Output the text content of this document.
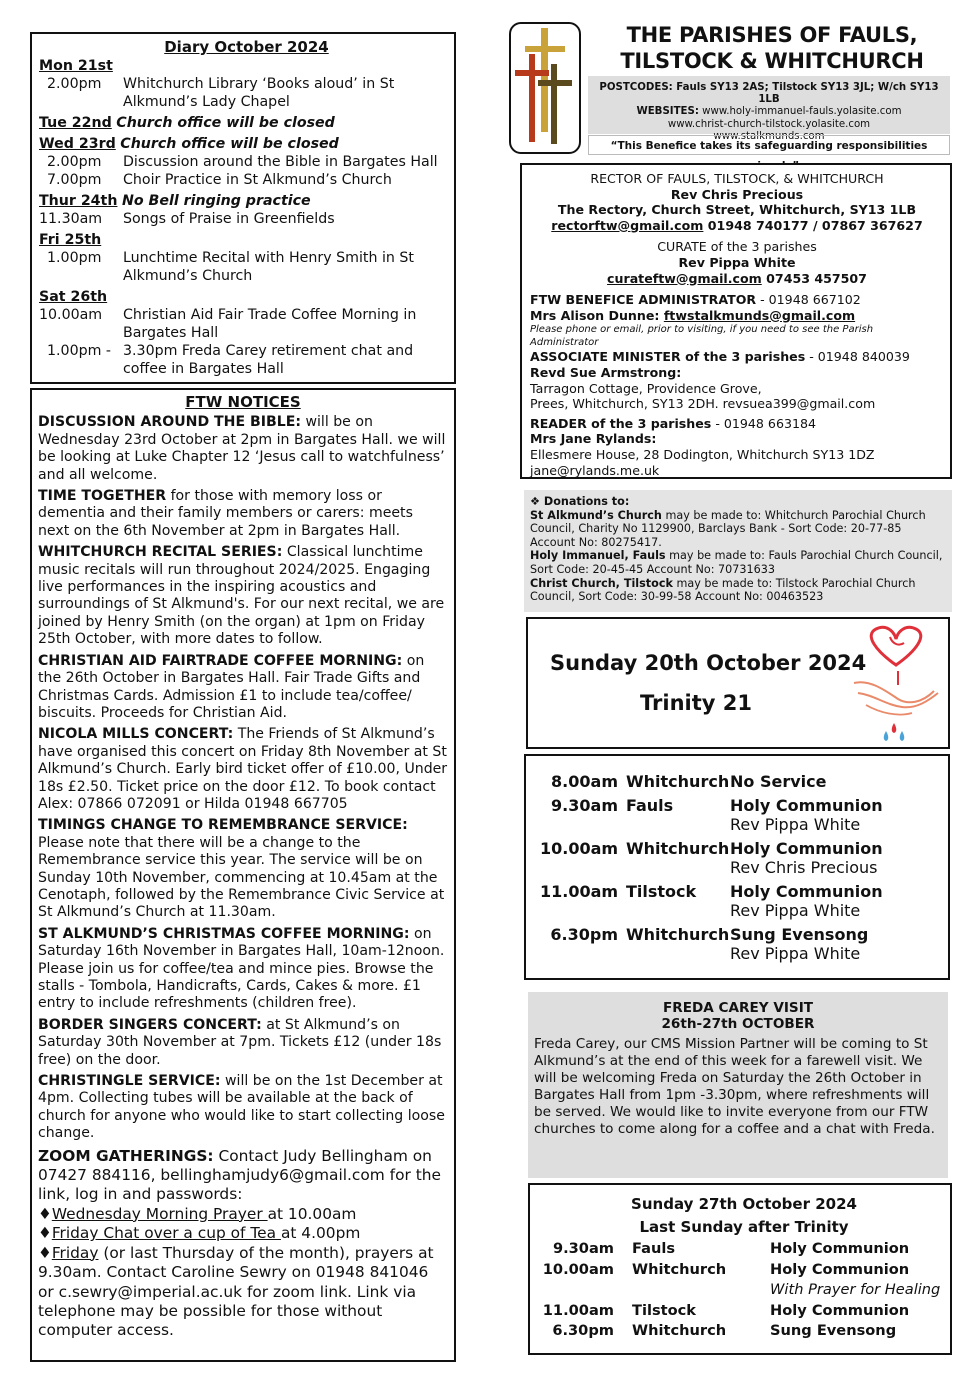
Diary October 2024
Mon 21st
2.00pm	Whitchurch Library ‘Books aloud’ in St Alkmund’s Lady Chapel
Tue 22nd Church office will be closed
Wed 23rd Church office will be closed
2.00pm	Discussion around the Bible in Bargates Hall
7.00pm	Choir Practice in St Alkmund’s Church
Thur 24th No Bell ringing practice
11.30am	Songs of Praise in Greenfields
Fri 25th
1.00pm	Lunchtime Recital with Henry Smith in St Alkmund’s Church
Sat 26th
10.00am	Christian Aid Fair Trade Coffee Morning in Bargates Hall
1.00pm - 3.30pm Freda Carey retirement chat and coffee in Bargates Hall
FTW NOTICES

DISCUSSION AROUND THE BIBLE: will be on Wednesday 23rd October at 2pm in Bargates Hall. we will be looking at Luke Chapter 12 ‘Jesus call to watchfulness’ and all welcome.

TIME TOGETHER for those with memory loss or dementia and their family members or carers: meets next on the 6th November at 2pm in Bargates Hall.

WHITCHURCH RECITAL SERIES: Classical lunchtime music recitals will run throughout 2024/2025. Engaging live performances in the inspiring acoustics and surroundings of St Alkmund's. For our next recital, we are joined by Henry Smith (on the organ) at 1pm on Friday 25th October, with more dates to follow.

CHRISTIAN AID FAIRTRADE COFFEE MORNING: on the 26th October in Bargates Hall. Fair Trade Gifts and Christmas Cards. Admission £1 to include tea/coffee/ biscuits. Proceeds for Christian Aid.

NICOLA MILLS CONCERT: The Friends of St Alkmund’s have organised this concert on Friday 8th November at St Alkmund’s Church. Early bird ticket offer of £10.00, Under 18s £2.50. Ticket price on the door £12. To book contact Alex: 07866 072091 or Hilda 01948 667705

TIMINGS CHANGE TO REMEMBRANCE SERVICE: Please note that there will be a change to the Remembrance service this year. The service will be on Sunday 10th November, commencing at 10.45am at the Cenotaph, followed by the Remembrance Civic Service at St Alkmund’s Church at 11.30am.

ST ALKMUND’S CHRISTMAS COFFEE MORNING: on Saturday 16th November in Bargates Hall, 10am-12noon. Please join us for coffee/tea and mince pies. Browse the stalls - Tombola, Handicrafts, Cards, Cakes & more. £1 entry to include refreshments (children free).

BORDER SINGERS CONCERT: at St Alkmund’s on Saturday 30th November at 7pm. Tickets £12 (under 18s free) on the door.

CHRISTINGLE SERVICE: will be on the 1st December at 4pm. Collecting tubes will be available at the back of church for anyone who would like to start collecting loose change.

ZOOM GATHERINGS: Contact Judy Bellingham on 07427 884116, bellinghamjudy6@gmail.com for the link, log in and passwords:
♦Wednesday Morning Prayer at 10.00am
♦Friday Chat over a cup of Tea at 4.00pm
♦Friday (or last Thursday of the month), prayers at 9.30am. Contact Caroline Sewry on 01948 841046 or c.sewry@imperial.ac.uk for zoom link. Link via telephone may be possible for those without computer access.
THE PARISHES OF FAULS,
TILSTOCK & WHITCHURCH
POSTCODES: Fauls SY13 2AS; Tilstock SY13 3JL; W/ch SY13 1LB
WEBSITES: www.holy-immanuel-fauls.yolasite.com
www.christ-church-tilstock.yolasite.com
www.stalkmunds.com
“This Benefice takes its safeguarding responsibilities
RECTOR OF FAULS, TILSTOCK, & WHITCHURCH
Rev Chris Precious
The Rectory, Church Street, Whitchurch, SY13 1LB
rectorftw@gmail.com 01948 740177 / 07867 367627
CURATE of the 3 parishes
Rev Pippa White
curateftw@gmail.com 07453 457507
FTW BENEFICE ADMINISTRATOR - 01948 667102
Mrs Alison Dunne: ftwstalkmunds@gmail.com
Please phone or email, prior to visiting, if you need to see the Parish Administrator
ASSOCIATE MINISTER of the 3 parishes - 01948 840039
Revd Sue Armstrong:
Tarragon Cottage, Providence Grove,
Prees, Whitchurch, SY13 2DH. revsuea399@gmail.com
READER of the 3 parishes - 01948 663184
Mrs Jane Rylands:
Ellesmere House, 28 Dodington, Whitchurch SY13 1DZ
jane@rylands.me.uk
❖ Donations to:
St Alkmund’s Church may be made to: Whitchurch Parochial Church Council, Charity No 1129900, Barclays Bank - Sort Code: 20-77-85 Account No: 80275417.
Holy Immanuel, Fauls may be made to: Fauls Parochial Church Council, Sort Code: 20-45-45 Account No: 70731633
Christ Church, Tilstock may be made to: Tilstock Parochial Church Council, Sort Code: 30-99-58 Account No: 00463523
Sunday 20th October 2024
Trinity 21
8.00am Whitchurch No Service
9.30am Fauls	Holy Communion
Rev Pippa White
10.00am Whitchurch Holy Communion
Rev Chris Precious
11.00am Tilstock	Holy Communion
Rev Pippa White
6.30pm Whitchurch Sung Evensong
Rev Pippa White
FREDA CAREY VISIT
26th-27th OCTOBER
Freda Carey, our CMS Mission Partner will be coming to St Alkmund’s at the end of this week for a farewell visit. We will be welcoming Freda on Saturday the 26th October in Bargates Hall from 1pm -3.30pm, where refreshments will be served. We would like to invite everyone from our FTW churches to come along for a coffee and a chat with Freda.
Sunday 27th October 2024
Last Sunday after Trinity
9.30am	Fauls	Holy Communion
10.00am	Whitchurch	Holy Communion
With Prayer for Healing
11.00am	Tilstock	Holy Communion
6.30pm	Whitchurch	Sung Evensong
